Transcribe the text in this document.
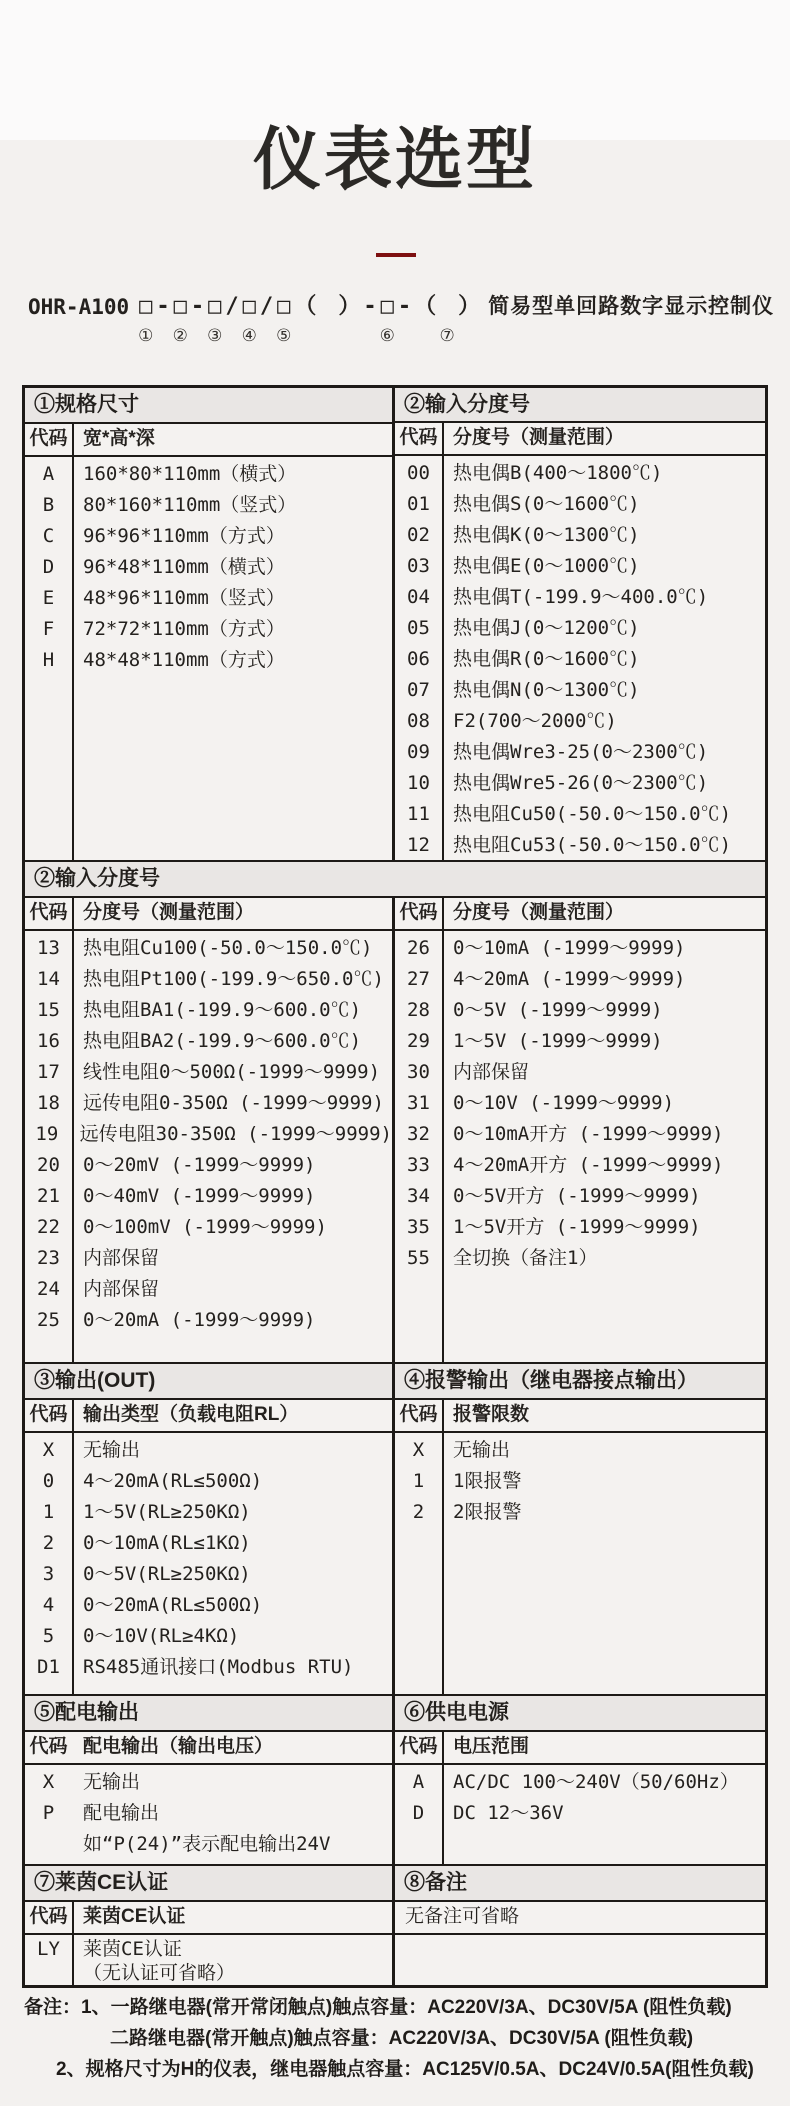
仪表选型
OHR-A100 □
①
- □
②
- □
③
/ □
④
/ □
⑤
（　） - □
⑥
- （　）
⑦
简易型单回路数字显示控制仪
①规格尺寸
代码 宽*高*深
A	160*80*110mm（横式）
B	80*160*110mm（竖式）
C	96*96*110mm（方式）
D	96*48*110mm（横式）
E	48*96*110mm（竖式）
F	72*72*110mm（方式）
H	48*48*110mm（方式）
②输入分度号
代码 分度号（测量范围）
00	热电偶B(400～1800℃)
01	热电偶S(0～1600℃)
02	热电偶K(0～1300℃)
03	热电偶E(0～1000℃)
04	热电偶T(-199.9～400.0℃)
05	热电偶J(0～1200℃)
06	热电偶R(0～1600℃)
07	热电偶N(0～1300℃)
08	F2(700～2000℃)
09	热电偶Wre3-25(0～2300℃)
10	热电偶Wre5-26(0～2300℃)
11	热电阻Cu50(-50.0～150.0℃)
12	热电阻Cu53(-50.0～150.0℃)
②输入分度号
代码 分度号（测量范围）
13	热电阻Cu100(-50.0～150.0℃)
14	热电阻Pt100(-199.9～650.0℃)
15	热电阻BA1(-199.9～600.0℃)
16	热电阻BA2(-199.9～600.0℃)
17	线性电阻0～500Ω(-1999～9999)
18	远传电阻0-350Ω (-1999～9999)
19	远传电阻30-350Ω (-1999～9999)
20	0～20mV (-1999～9999)
21	0～40mV (-1999～9999)
22	0～100mV (-1999～9999)
23	内部保留
24	内部保留
25	0～20mA (-1999～9999)
代码 分度号（测量范围）
26	0～10mA (-1999～9999)
27	4～20mA (-1999～9999)
28	0～5V (-1999～9999)
29	1～5V (-1999～9999)
30	内部保留
31	0～10V (-1999～9999)
32	0～10mA开方 (-1999～9999)
33	4～20mA开方 (-1999～9999)
34	0～5V开方 (-1999～9999)
35	1～5V开方 (-1999～9999)
55	全切换（备注1）
③输出(OUT)
代码 输出类型（负载电阻RL）
X	无输出
0	4～20mA(RL≤500Ω)
1	1～5V(RL≥250KΩ)
2	0～10mA(RL≤1KΩ)
3	0～5V(RL≥250KΩ)
4	0～20mA(RL≤500Ω)
5	0～10V(RL≥4KΩ)
D1	RS485通讯接口(Modbus RTU)
④报警输出（继电器接点输出）
代码 报警限数
X	无输出
1	1限报警
2	2限报警
⑤配电输出
代码 配电输出（输出电压）
X	无输出
P	配电输出
如“P(24)”表示配电输出24V
⑥供电电源
代码 电压范围
A	AC/DC 100～240V（50/60Hz）
D	DC 12～36V
⑦莱茵CE认证
代码 莱茵CE认证
LY	莱茵CE认证
（无认证可省略）
⑧备注
无备注可省略
备注：1、一路继电器(常开常闭触点)触点容量：AC220V/3A、DC30V/5A (阻性负载)
二路继电器(常开触点)触点容量：AC220V/3A、DC30V/5A (阻性负载)
2、规格尺寸为H的仪表，继电器触点容量：AC125V/0.5A、DC24V/0.5A(阻性负载)
